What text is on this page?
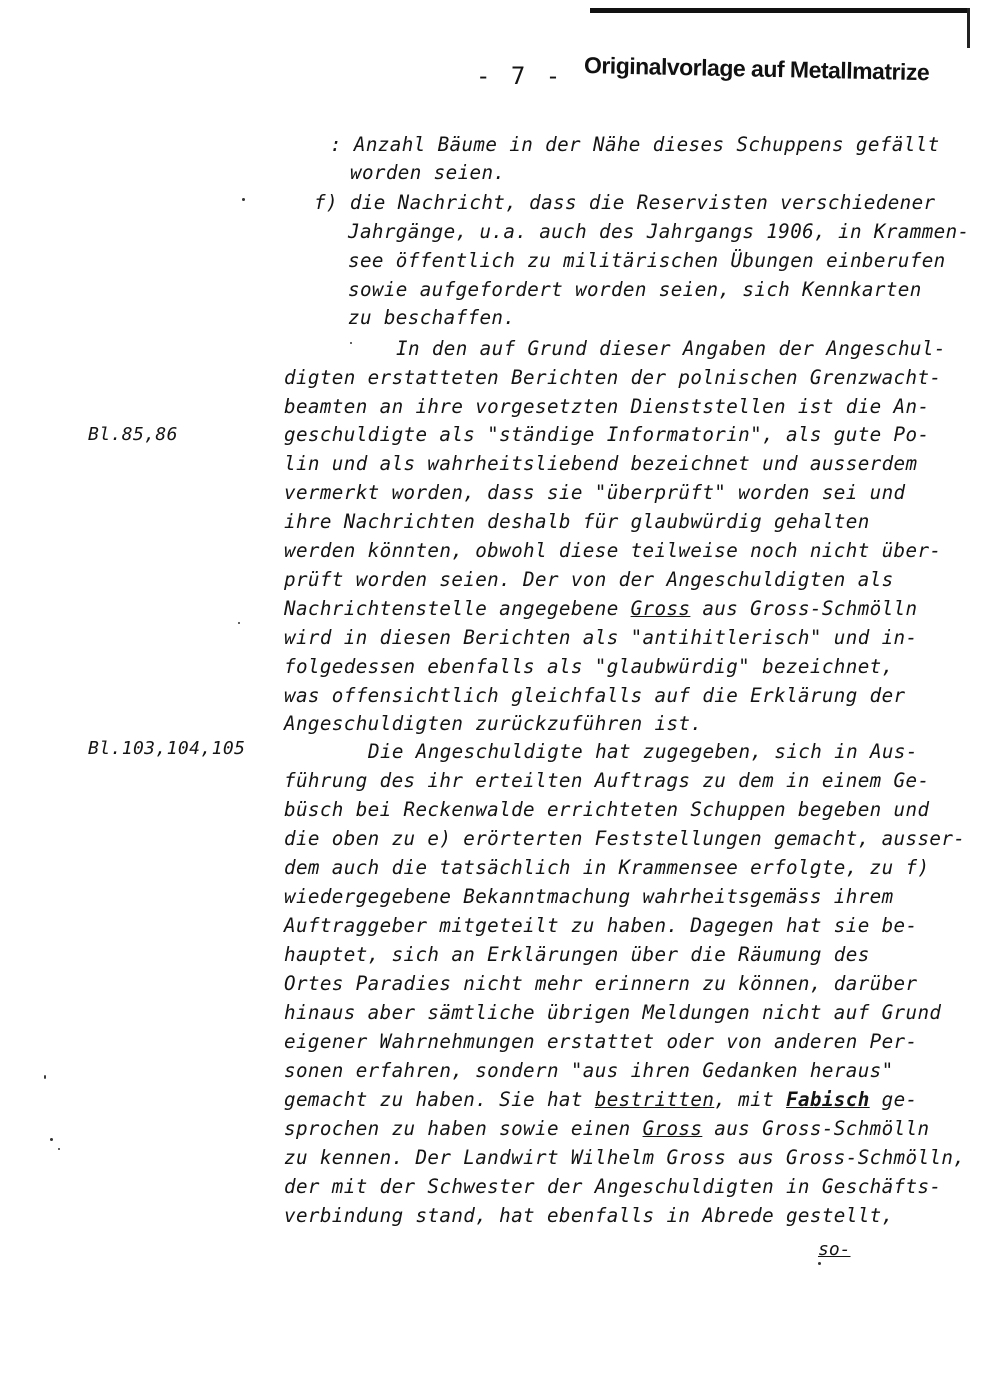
- 7 - Originalvorlage auf Metallmatrize
Bl.85,86
Bl.103,104,105
: Anzahl Bäume in der Nähe dieses Schuppens gefällt
worden seien.
f) die Nachricht, dass die Reservisten verschiedener
Jahrgänge, u.a. auch des Jahrgangs 1906, in Krammen-
see öffentlich zu militärischen Übungen einberufen
sowie aufgefordert worden seien, sich Kennkarten
zu beschaffen.
In den auf Grund dieser Angaben der Angeschul-
digten erstatteten Berichten der polnischen Grenzwacht-
beamten an ihre vorgesetzten Dienststellen ist die An-
geschuldigte als "ständige Informatorin", als gute Po-
lin und als wahrheitsliebend bezeichnet und ausserdem
vermerkt worden, dass sie "überprüft" worden sei und
ihre Nachrichten deshalb für glaubwürdig gehalten
werden könnten, obwohl diese teilweise noch nicht über-
prüft worden seien. Der von der Angeschuldigten als
Nachrichtenstelle angegebene Gross aus Gross-Schmölln
wird in diesen Berichten als "antihitlerisch" und in-
folgedessen ebenfalls als "glaubwürdig" bezeichnet,
was offensichtlich gleichfalls auf die Erklärung der
Angeschuldigten zurückzuführen ist.
Die Angeschuldigte hat zugegeben, sich in Aus-
führung des ihr erteilten Auftrags zu dem in einem Ge-
büsch bei Reckenwalde errichteten Schuppen begeben und
die oben zu e) erörterten Feststellungen gemacht, ausser-
dem auch die tatsächlich in Krammensee erfolgte, zu f)
wiedergegebene Bekanntmachung wahrheitsgemäss ihrem
Auftraggeber mitgeteilt zu haben. Dagegen hat sie be-
hauptet, sich an Erklärungen über die Räumung des
Ortes Paradies nicht mehr erinnern zu können, darüber
hinaus aber sämtliche übrigen Meldungen nicht auf Grund
eigener Wahrnehmungen erstattet oder von anderen Per-
sonen erfahren, sondern "aus ihren Gedanken heraus"
gemacht zu haben. Sie hat bestritten, mit Fabisch ge-
sprochen zu haben sowie einen Gross aus Gross-Schmölln
zu kennen. Der Landwirt Wilhelm Gross aus Gross-Schmölln,
der mit der Schwester der Angeschuldigten in Geschäfts-
verbindung stand, hat ebenfalls in Abrede gestellt,
so-
